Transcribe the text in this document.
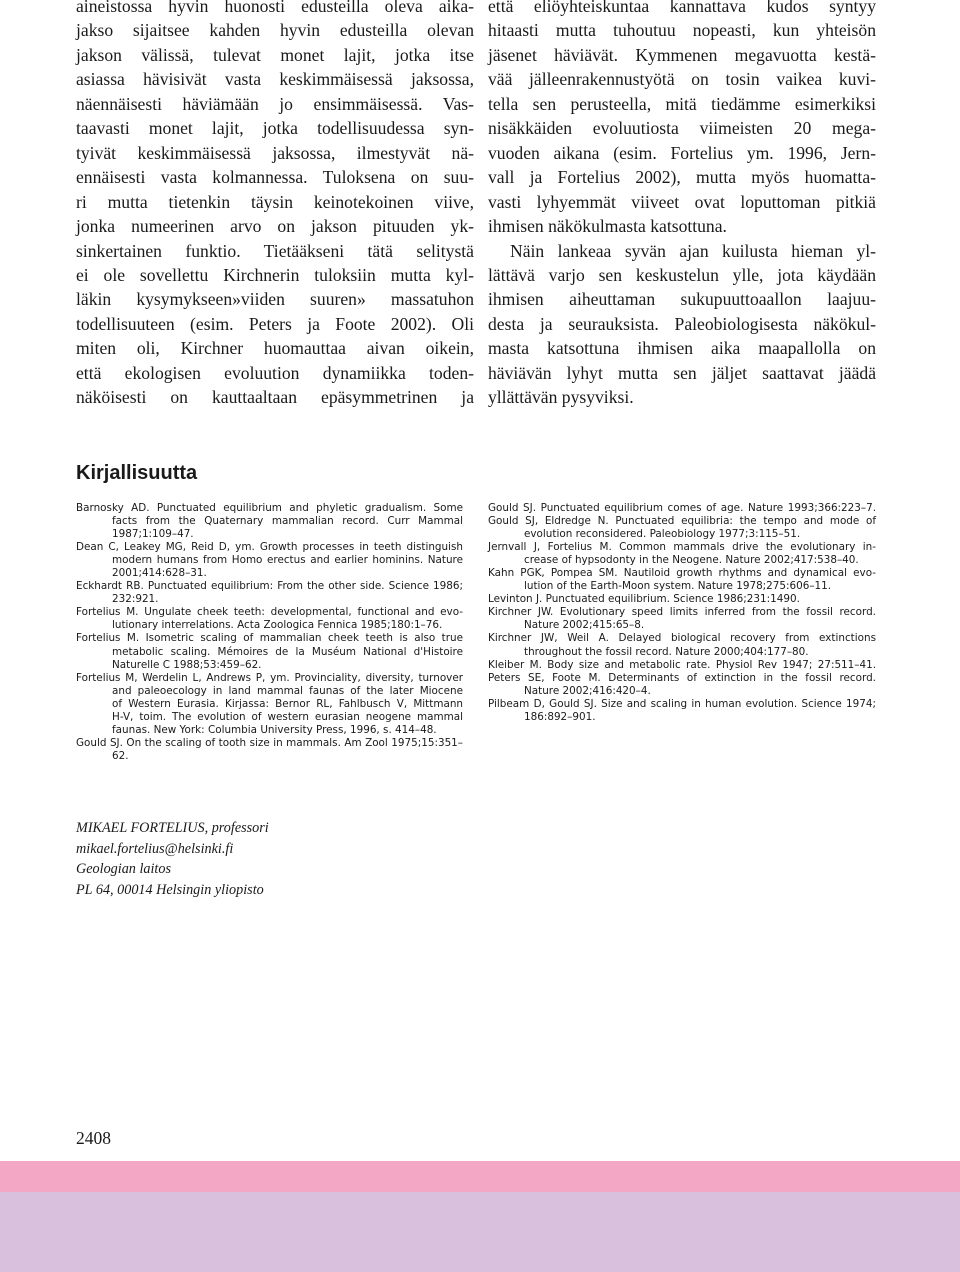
aineistossa hyvin huonosti edusteilla oleva aika-
jakso sijaitsee kahden hyvin edusteilla olevan
jakson välissä, tulevat monet lajit, jotka itse
asiassa hävisivät vasta keskimmäisessä jaksossa,
näennäisesti häviämään jo ensimmäisessä. Vas-
taavasti monet lajit, jotka todellisuudessa syn-
tyivät keskimmäisessä jaksossa, ilmestyvät nä-
ennäisesti vasta kolmannessa. Tuloksena on suu-
ri mutta tietenkin täysin keinotekoinen viive,
jonka numeerinen arvo on jakson pituuden yk-
sinkertainen funktio. Tietääkseni tätä selitystä
ei ole sovellettu Kirchnerin tuloksiin mutta kyl-
läkin kysymykseen»viiden suuren» massatuhon
todellisuuteen (esim. Peters ja Foote 2002). Oli
miten oli, Kirchner huomauttaa aivan oikein,
että ekologisen evoluution dynamiikka toden-
näköisesti on kauttaaltaan epäsymmetrinen ja
että eliöyhteiskuntaa kannattava kudos syntyy
hitaasti mutta tuhoutuu nopeasti, kun yhteisön
jäsenet häviävät. Kymmenen megavuotta kestä-
vää jälleenrakennustyötä on tosin vaikea kuvi-
tella sen perusteella, mitä tiedämme esimerkiksi
nisäkkäiden evoluutiosta viimeisten 20 mega-
vuoden aikana (esim. Fortelius ym. 1996, Jern-
vall ja Fortelius 2002), mutta myös huomatta-
vasti lyhyemmät viiveet ovat loputtoman pitkiä
ihmisen näkökulmasta katsottuna.
Näin lankeaa syvän ajan kuilusta hieman yl-
lättävä varjo sen keskustelun ylle, jota käydään
ihmisen aiheuttaman sukupuuttoaallon laajuu-
desta ja seurauksista. Paleobiologisesta näkökul-
masta katsottuna ihmisen aika maapallolla on
häviävän lyhyt mutta sen jäljet saattavat jäädä
yllättävän pysyviksi.
Kirjallisuutta
Barnosky AD. Punctuated equilibrium and phyletic gradualism. Some
facts from the Quaternary mammalian record. Curr Mammal
1987;1:109–47.
Dean C, Leakey MG, Reid D, ym. Growth processes in teeth distinguish
modern humans from Homo erectus and earlier hominins. Nature
2001;414:628–31.
Eckhardt RB. Punctuated equilibrium: From the other side. Science 1986;
232:921.
Fortelius M. Ungulate cheek teeth: developmental, functional and evo-
lutionary interrelations. Acta Zoologica Fennica 1985;180:1–76.
Fortelius M. Isometric scaling of mammalian cheek teeth is also true
metabolic scaling. Mémoires de la Muséum National d'Histoire
Naturelle C 1988;53:459–62.
Fortelius M, Werdelin L, Andrews P, ym. Provinciality, diversity, turnover
and paleoecology in land mammal faunas of the later Miocene
of Western Eurasia. Kirjassa: Bernor RL, Fahlbusch V, Mittmann
H-V, toim. The evolution of western eurasian neogene mammal
faunas. New York: Columbia University Press, 1996, s. 414–48.
Gould SJ. On the scaling of tooth size in mammals. Am Zool 1975;15:351–
62.
Gould SJ. Punctuated equilibrium comes of age. Nature 1993;366:223–7.
Gould SJ, Eldredge N. Punctuated equilibria: the tempo and mode of
evolution reconsidered. Paleobiology 1977;3:115–51.
Jernvall J, Fortelius M. Common mammals drive the evolutionary in-
crease of hypsodonty in the Neogene. Nature 2002;417:538–40.
Kahn PGK, Pompea SM. Nautiloid growth rhythms and dynamical evo-
lution of the Earth-Moon system. Nature 1978;275:606–11.
Levinton J. Punctuated equilibrium. Science 1986;231:1490.
Kirchner JW. Evolutionary speed limits inferred from the fossil record.
Nature 2002;415:65–8.
Kirchner JW, Weil A. Delayed biological recovery from extinctions
throughout the fossil record. Nature 2000;404:177–80.
Kleiber M. Body size and metabolic rate. Physiol Rev 1947; 27:511–41.
Peters SE, Foote M. Determinants of extinction in the fossil record.
Nature 2002;416:420–4.
Pilbeam D, Gould SJ. Size and scaling in human evolution. Science 1974;
186:892–901.
MIKAEL FORTELIUS, professori
mikael.fortelius@helsinki.fi
Geologian laitos
PL 64, 00014 Helsingin yliopisto
2408
